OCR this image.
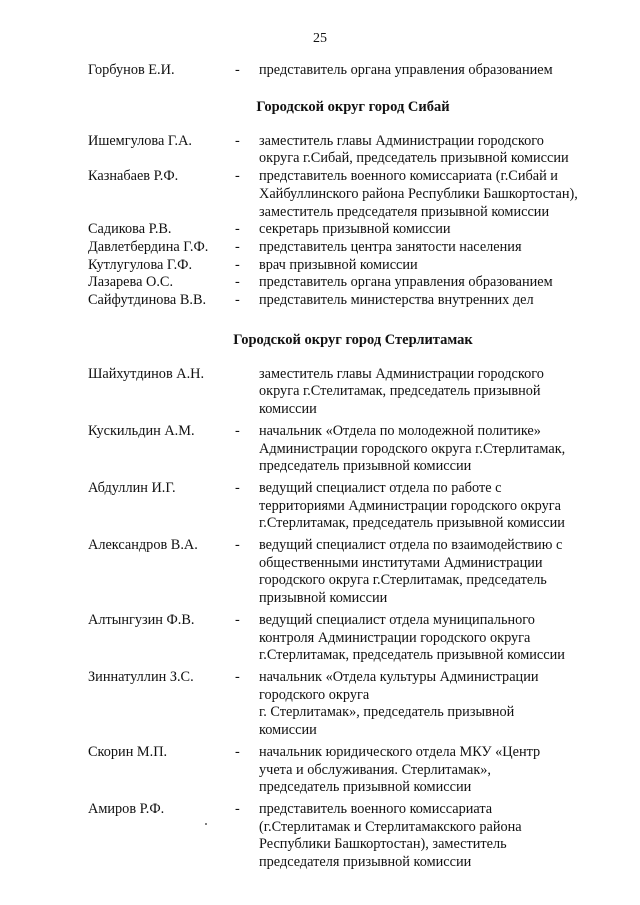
25
Горбунов Е.И.	-	представитель органа управления образованием
Городской округ город Сибай
Ишемгулова Г.А.	-	заместитель главы Администрации городского
округа г.Сибай, председатель призывной комиссии
Казнабаев Р.Ф.	-	представитель военного комиссариата (г.Сибай и
Хайбуллинского района Республики Башкортостан),
заместитель председателя призывной комиссии
Садикова Р.В.	-	секретарь призывной комиссии
Давлетбердина Г.Ф.	-	представитель центра занятости населения
Кутлугулова Г.Ф.	-	врач призывной комиссии
Лазарева О.С.	-	представитель органа управления образованием
Сайфутдинова В.В.	-	представитель министерства внутренних дел
Городской округ город Стерлитамак
Шайхутдинов А.Н.	заместитель главы Администрации городского
округа г.Стелитамак, председатель призывной
комиссии
Кускильдин А.М.	-	начальник «Отдела по молодежной политике»
Администрации городского округа г.Стерлитамак,
председатель призывной комиссии
Абдуллин И.Г.	-	ведущий специалист отдела по работе с
территориями Администрации городского округа
г.Стерлитамак, председатель призывной комиссии
Александров В.А.	-	ведущий специалист отдела по взаимодействию с
общественными институтами Администрации
городского округа г.Стерлитамак, председатель
призывной комиссии
Алтынгузин Ф.В.	-	ведущий специалист отдела муниципального
контроля Администрации городского округа
г.Стерлитамак, председатель призывной комиссии
Зиннатуллин З.С.	-	начальник «Отдела культуры Администрации
городского округа
г. Стерлитамак», председатель призывной
комиссии
Скорин М.П.	-	начальник юридического отдела МКУ «Центр
учета и обслуживания. Стерлитамак»,
председатель призывной комиссии
Амиров Р.Ф.	-	представитель военного комиссариата
(г.Стерлитамак и Стерлитамакского района
Республики Башкортостан), заместитель
председателя призывной комиссии
